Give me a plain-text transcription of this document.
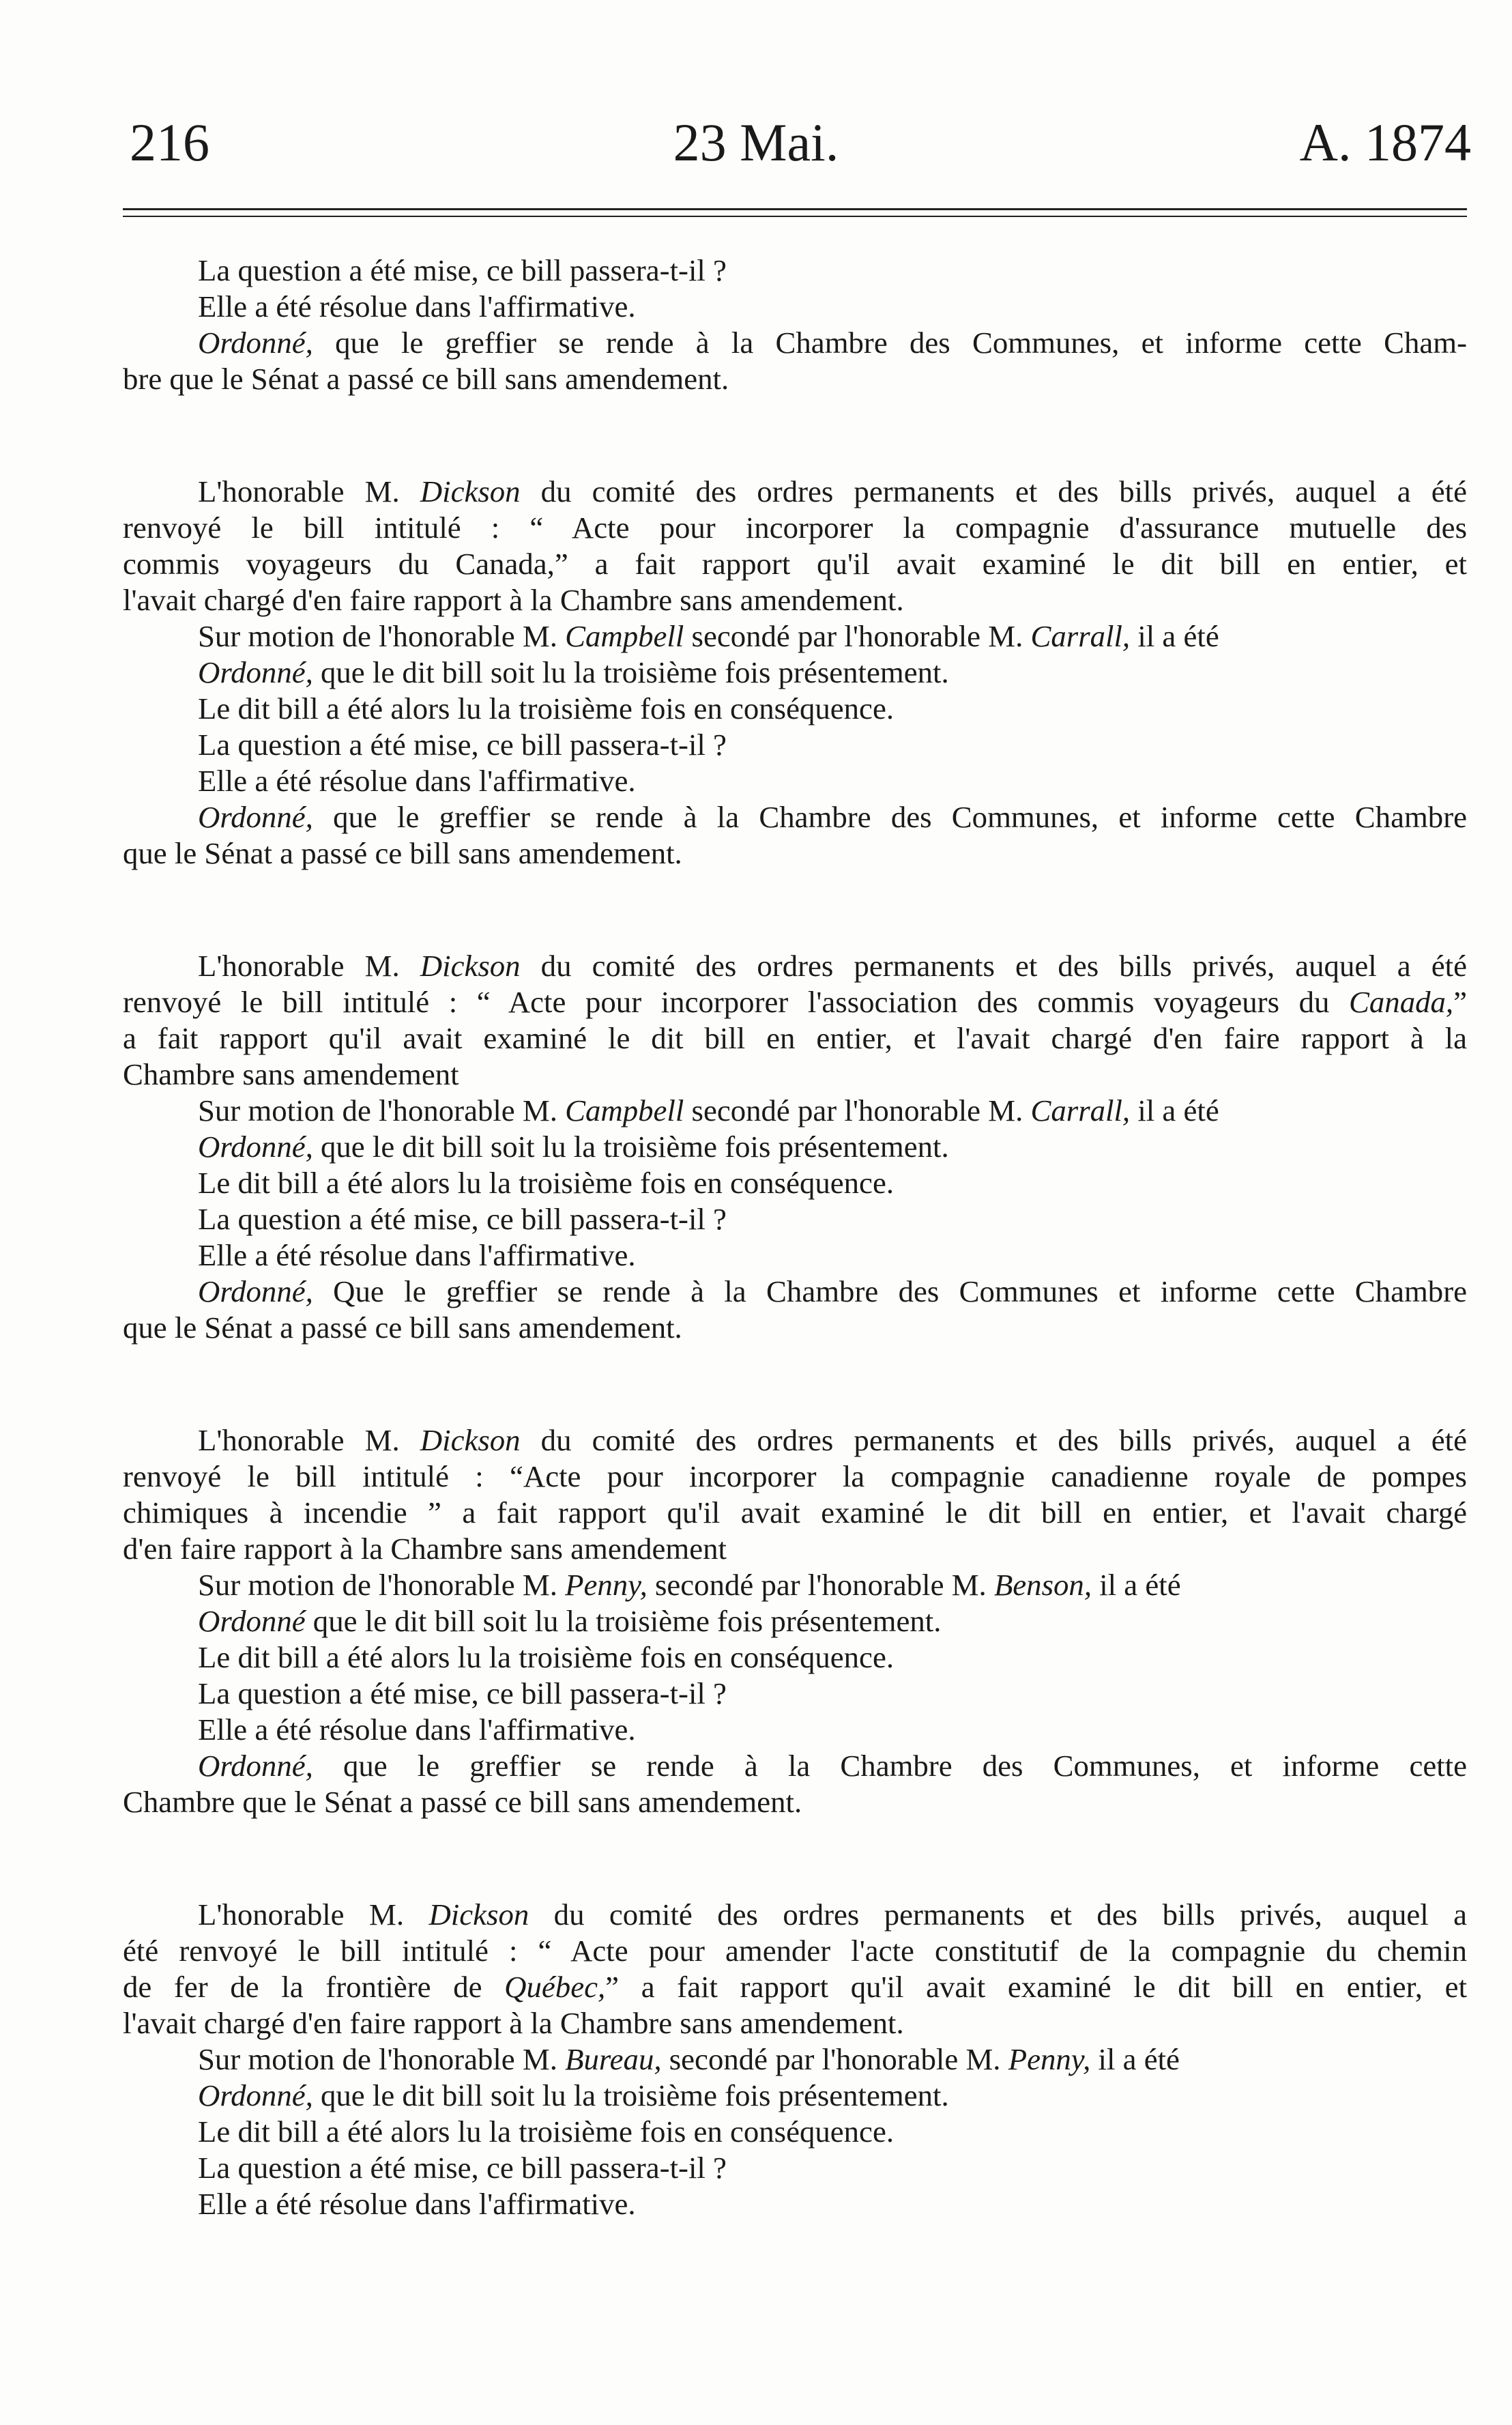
216	23 Mai.	A. 1874
La question a été mise, ce bill passera-t-il ?
Elle a été résolue dans l'affirmative.
Ordonné, que le greffier se rende à la Chambre des Communes, et informe cette Cham-
bre que le Sénat a passé ce bill sans amendement.
L'honorable M. Dickson du comité des ordres permanents et des bills privés, auquel a été
renvoyé le bill intitulé : “ Acte pour incorporer la compagnie d'assurance mutuelle des
commis voyageurs du Canada,” a fait rapport qu'il avait examiné le dit bill en entier, et
l'avait chargé d'en faire rapport à la Chambre sans amendement.
Sur motion de l'honorable M. Campbell secondé par l'honorable M. Carrall, il a été
Ordonné, que le dit bill soit lu la troisième fois présentement.
Le dit bill a été alors lu la troisième fois en conséquence.
La question a été mise, ce bill passera-t-il ?
Elle a été résolue dans l'affirmative.
Ordonné, que le greffier se rende à la Chambre des Communes, et informe cette Chambre
que le Sénat a passé ce bill sans amendement.
L'honorable M. Dickson du comité des ordres permanents et des bills privés, auquel a été
renvoyé le bill intitulé : “ Acte pour incorporer l'association des commis voyageurs du Canada,”
a fait rapport qu'il avait examiné le dit bill en entier, et l'avait chargé d'en faire rapport à la
Chambre sans amendement
Sur motion de l'honorable M. Campbell secondé par l'honorable M. Carrall, il a été
Ordonné, que le dit bill soit lu la troisième fois présentement.
Le dit bill a été alors lu la troisième fois en conséquence.
La question a été mise, ce bill passera-t-il ?
Elle a été résolue dans l'affirmative.
Ordonné, Que le greffier se rende à la Chambre des Communes et informe cette Chambre
que le Sénat a passé ce bill sans amendement.
L'honorable M. Dickson du comité des ordres permanents et des bills privés, auquel a été
renvoyé le bill intitulé : “Acte pour incorporer la compagnie canadienne royale de pompes
chimiques à incendie ” a fait rapport qu'il avait examiné le dit bill en entier, et l'avait chargé
d'en faire rapport à la Chambre sans amendement
Sur motion de l'honorable M. Penny, secondé par l'honorable M. Benson, il a été
Ordonné que le dit bill soit lu la troisième fois présentement.
Le dit bill a été alors lu la troisième fois en conséquence.
La question a été mise, ce bill passera-t-il ?
Elle a été résolue dans l'affirmative.
Ordonné, que le greffier se rende à la Chambre des Communes, et informe cette
Chambre que le Sénat a passé ce bill sans amendement.
L'honorable M. Dickson du comité des ordres permanents et des bills privés, auquel a
été renvoyé le bill intitulé : “ Acte pour amender l'acte constitutif de la compagnie du chemin
de fer de la frontière de Québec,” a fait rapport qu'il avait examiné le dit bill en entier, et
l'avait chargé d'en faire rapport à la Chambre sans amendement.
Sur motion de l'honorable M. Bureau, secondé par l'honorable M. Penny, il a été
Ordonné, que le dit bill soit lu la troisième fois présentement.
Le dit bill a été alors lu la troisième fois en conséquence.
La question a été mise, ce bill passera-t-il ?
Elle a été résolue dans l'affirmative.
